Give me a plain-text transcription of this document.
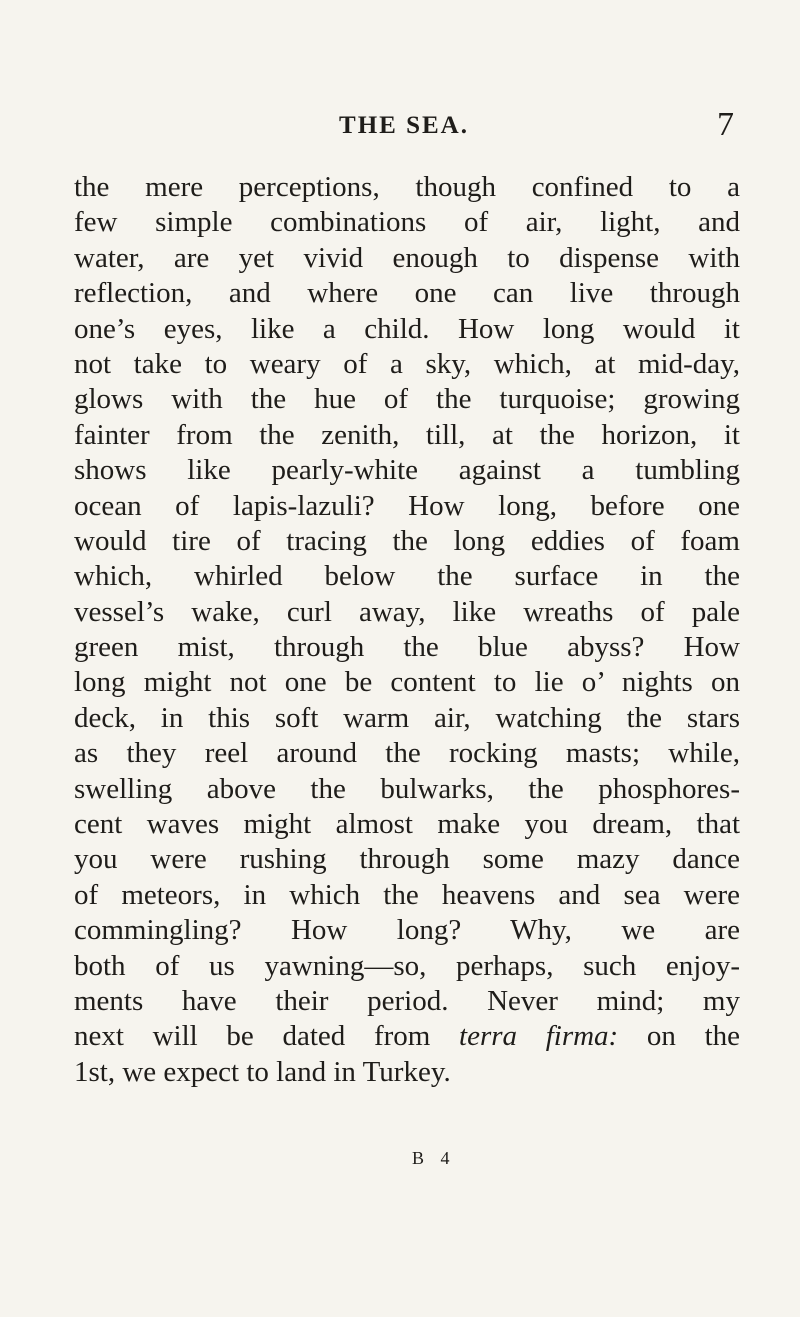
THE SEA.	7
the mere perceptions, though confined to a
few simple combinations of air, light, and
water, are yet vivid enough to dispense with
reflection, and where one can live through
one’s eyes, like a child. How long would it
not take to weary of a sky, which, at mid-day,
glows with the hue of the turquoise; growing
fainter from the zenith, till, at the horizon, it
shows like pearly-white against a tumbling
ocean of lapis-lazuli? How long, before one
would tire of tracing the long eddies of foam
which, whirled below the surface in the
vessel’s wake, curl away, like wreaths of pale
green mist, through the blue abyss? How
long might not one be content to lie o’ nights on
deck, in this soft warm air, watching the stars
as they reel around the rocking masts; while,
swelling above the bulwarks, the phosphores-
cent waves might almost make you dream, that
you were rushing through some mazy dance
of meteors, in which the heavens and sea were
commingling? How long? Why, we are
both of us yawning—so, perhaps, such enjoy-
ments have their period. Never mind; my
next will be dated from terra firma: on the
1st, we expect to land in Turkey.
B 4
